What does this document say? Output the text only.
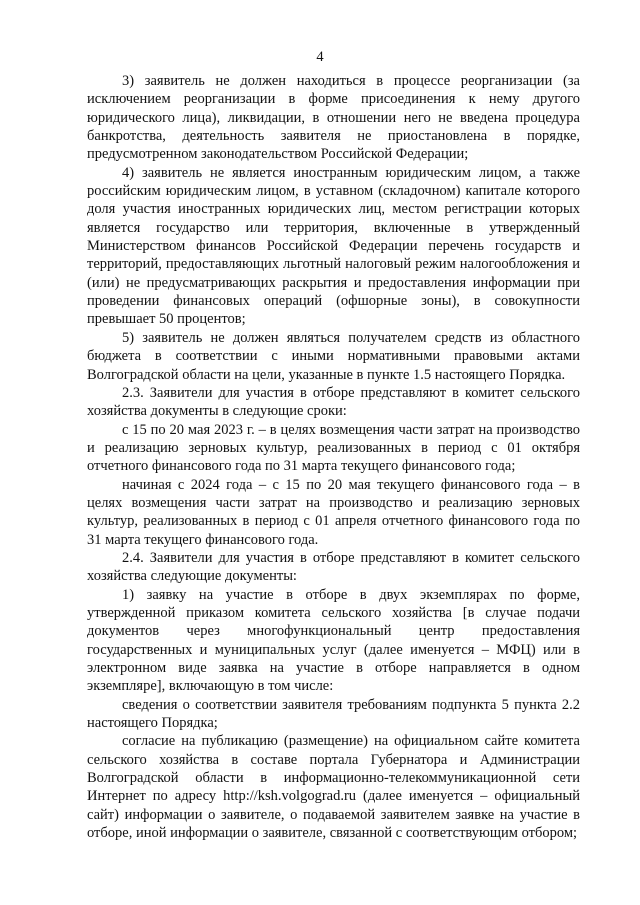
4

3) заявитель не должен находиться в процессе реорганизации (за исключением реорганизации в форме присоединения к нему другого юридического лица), ликвидации, в отношении него не введена процедура банкротства, деятельность заявителя не приостановлена в порядке, предусмотренном законодательством Российской Федерации;

4) заявитель не является иностранным юридическим лицом, а также российским юридическим лицом, в уставном (складочном) капитале которого доля участия иностранных юридических лиц, местом регистрации которых является государство или территория, включенные в утвержденный Министерством финансов Российской Федерации перечень государств и территорий, предоставляющих льготный налоговый режим налогообложения и (или) не предусматривающих раскрытия и предоставления информации при проведении финансовых операций (офшорные зоны), в совокупности превышает 50 процентов;

5) заявитель не должен являться получателем средств из областного бюджета в соответствии с иными нормативными правовыми актами Волгоградской области на цели, указанные в пункте 1.5 настоящего Порядка.

2.3. Заявители для участия в отборе представляют в комитет сельского хозяйства документы в следующие сроки:

с 15 по 20 мая 2023 г. – в целях возмещения части затрат на производство и реализацию зерновых культур, реализованных в период с 01 октября отчетного финансового года по 31 марта текущего финансового года;

начиная с 2024 года – с 15 по 20 мая текущего финансового года – в целях возмещения части затрат на производство и реализацию зерновых культур, реализованных в период с 01 апреля отчетного финансового года по 31 марта текущего финансового года.

2.4. Заявители для участия в отборе представляют в комитет сельского хозяйства следующие документы:

1) заявку на участие в отборе в двух экземплярах по форме, утвержденной приказом комитета сельского хозяйства [в случае подачи документов через многофункциональный центр предоставления государственных и муниципальных услуг (далее именуется – МФЦ) или в электронном виде заявка на участие в отборе направляется в одном экземпляре], включающую в том числе:

сведения о соответствии заявителя требованиям подпункта 5 пункта 2.2 настоящего Порядка;

согласие на публикацию (размещение) на официальном сайте комитета сельского хозяйства в составе портала Губернатора и Администрации Волгоградской области в информационно-телекоммуникационной сети Интернет по адресу http://ksh.volgograd.ru (далее именуется – официальный сайт) информации о заявителе, о подаваемой заявителем заявке на участие в отборе, иной информации о заявителе, связанной с соответствующим отбором;
